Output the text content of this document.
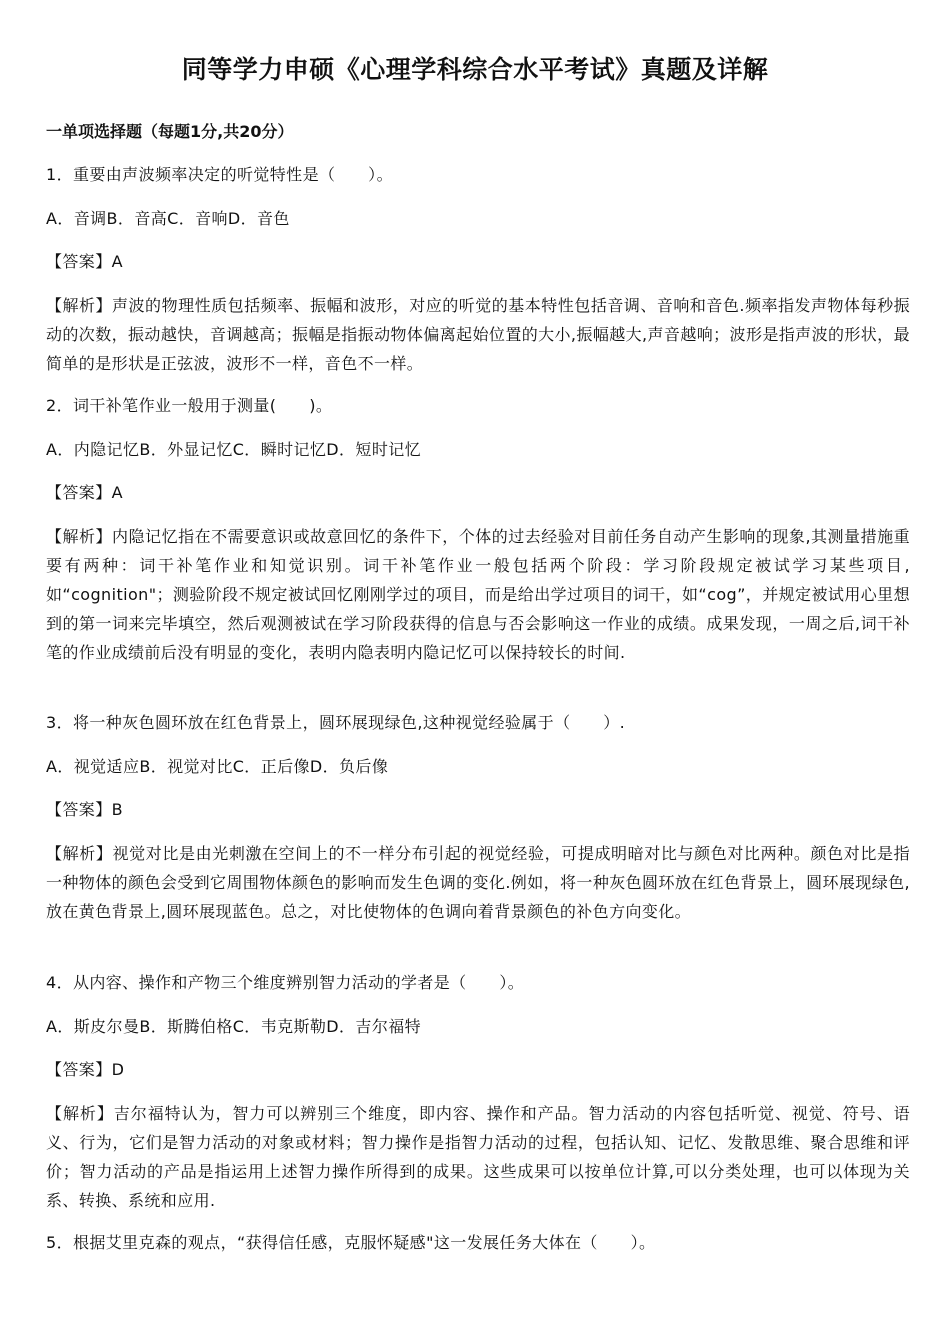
同等学力申硕《心理学科综合水平考试》真题及详解
一单项选择题（每题1分,共20分）
1．重要由声波频率决定的听觉特性是（　　）。
A．音调B．音高C．音响D．音色
【答案】A
【解析】声波的物理性质包括频率、振幅和波形，对应的听觉的基本特性包括音调、音响和音色.频率指发声物体每秒振动的次数，振动越快，音调越高；振幅是指振动物体偏离起始位置的大小,振幅越大,声音越响；波形是指声波的形状，最简单的是形状是正弦波，波形不一样，音色不一样。
2．词干补笔作业一般用于测量(　　)。
A．内隐记忆B．外显记忆C．瞬时记忆D．短时记忆
【答案】A
【解析】内隐记忆指在不需要意识或故意回忆的条件下，个体的过去经验对目前任务自动产生影响的现象,其测量措施重要有两种：词干补笔作业和知觉识别。词干补笔作业一般包括两个阶段：学习阶段规定被试学习某些项目,如“cognition"；测验阶段不规定被试回忆刚刚学过的项目，而是给出学过项目的词干，如“cog”，并规定被试用心里想到的第一词来完毕填空，然后观测被试在学习阶段获得的信息与否会影响这一作业的成绩。成果发现，一周之后,词干补笔的作业成绩前后没有明显的变化，表明内隐表明内隐记忆可以保持较长的时间.
3．将一种灰色圆环放在红色背景上，圆环展现绿色,这种视觉经验属于（　　）.
A．视觉适应B．视觉对比C．正后像D．负后像
【答案】B
【解析】视觉对比是由光刺激在空间上的不一样分布引起的视觉经验，可提成明暗对比与颜色对比两种。颜色对比是指一种物体的颜色会受到它周围物体颜色的影响而发生色调的变化.例如，将一种灰色圆环放在红色背景上，圆环展现绿色,放在黄色背景上,圆环展现蓝色。总之，对比使物体的色调向着背景颜色的补色方向变化。
4．从内容、操作和产物三个维度辨别智力活动的学者是（　　）。
A．斯皮尔曼B．斯腾伯格C．韦克斯勒D．吉尔福特
【答案】D
【解析】吉尔福特认为，智力可以辨别三个维度，即内容、操作和产品。智力活动的内容包括听觉、视觉、符号、语义、行为，它们是智力活动的对象或材料；智力操作是指智力活动的过程，包括认知、记忆、发散思维、聚合思维和评价；智力活动的产品是指运用上述智力操作所得到的成果。这些成果可以按单位计算,可以分类处理，也可以体现为关系、转换、系统和应用.
5．根据艾里克森的观点，“获得信任感，克服怀疑感"这一发展任务大体在（　　）。
